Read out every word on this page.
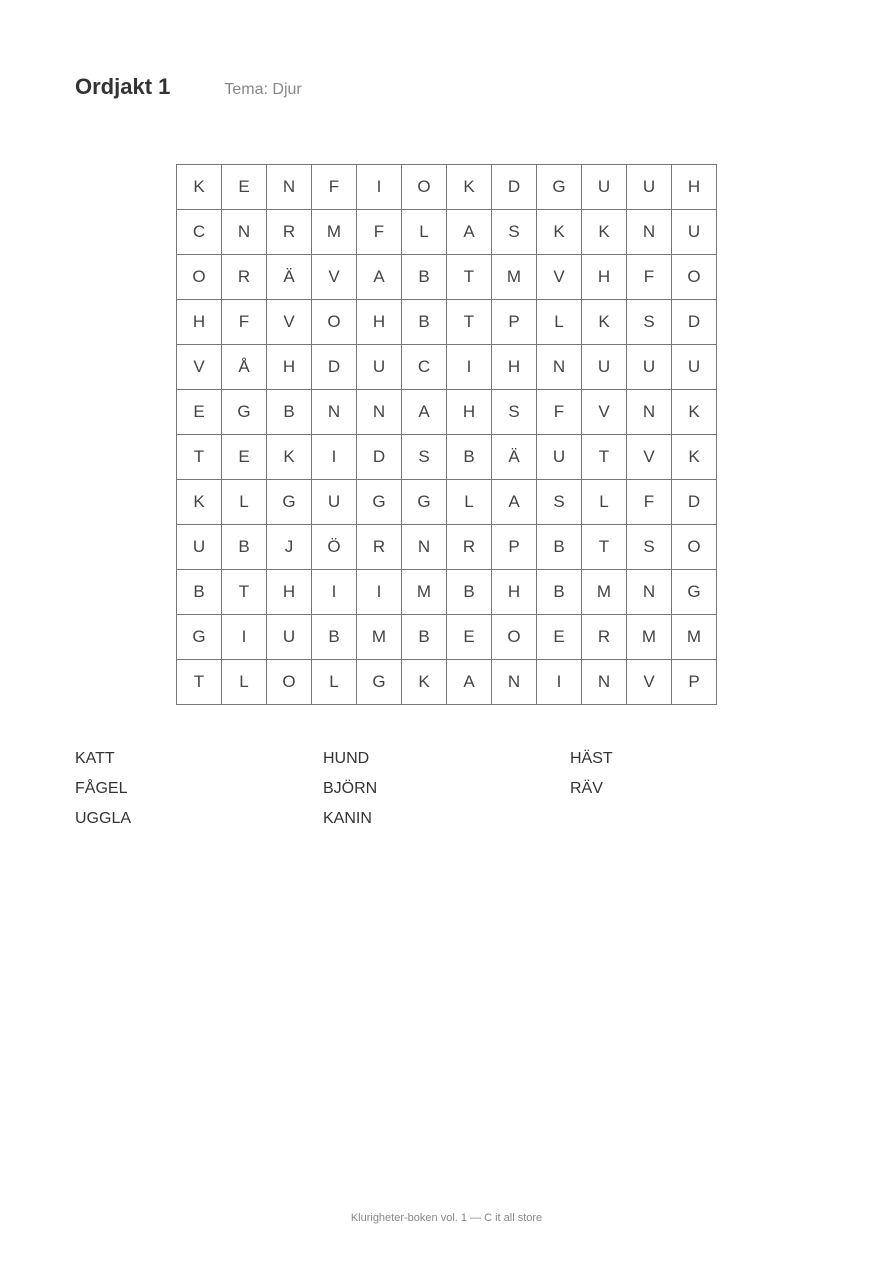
Ordjakt 1	Tema: Djur
K	E	N	F	I	O	K	D	G	U	U	H
C	N	R	M	F	L	A	S	K	K	N	U
O	R	Ä	V	A	B	T	M	V	H	F	O
H	F	V	O	H	B	T	P	L	K	S	D
V	Å	H	D	U	C	I	H	N	U	U	U
E	G	B	N	N	A	H	S	F	V	N	K
T	E	K	I	D	S	B	Ä	U	T	V	K
K	L	G	U	G	G	L	A	S	L	F	D
U	B	J	Ö	R	N	R	P	B	T	S	O
B	T	H	I	I	M	B	H	B	M	N	G
G	I	U	B	M	B	E	O	E	R	M	M
T	L	O	L	G	K	A	N	I	N	V	P
KATT	HUND	HÄST
FÅGEL	BJÖRN	RÄV
UGGLA	KANIN
Klurigheter-boken vol. 1 — C it all store
